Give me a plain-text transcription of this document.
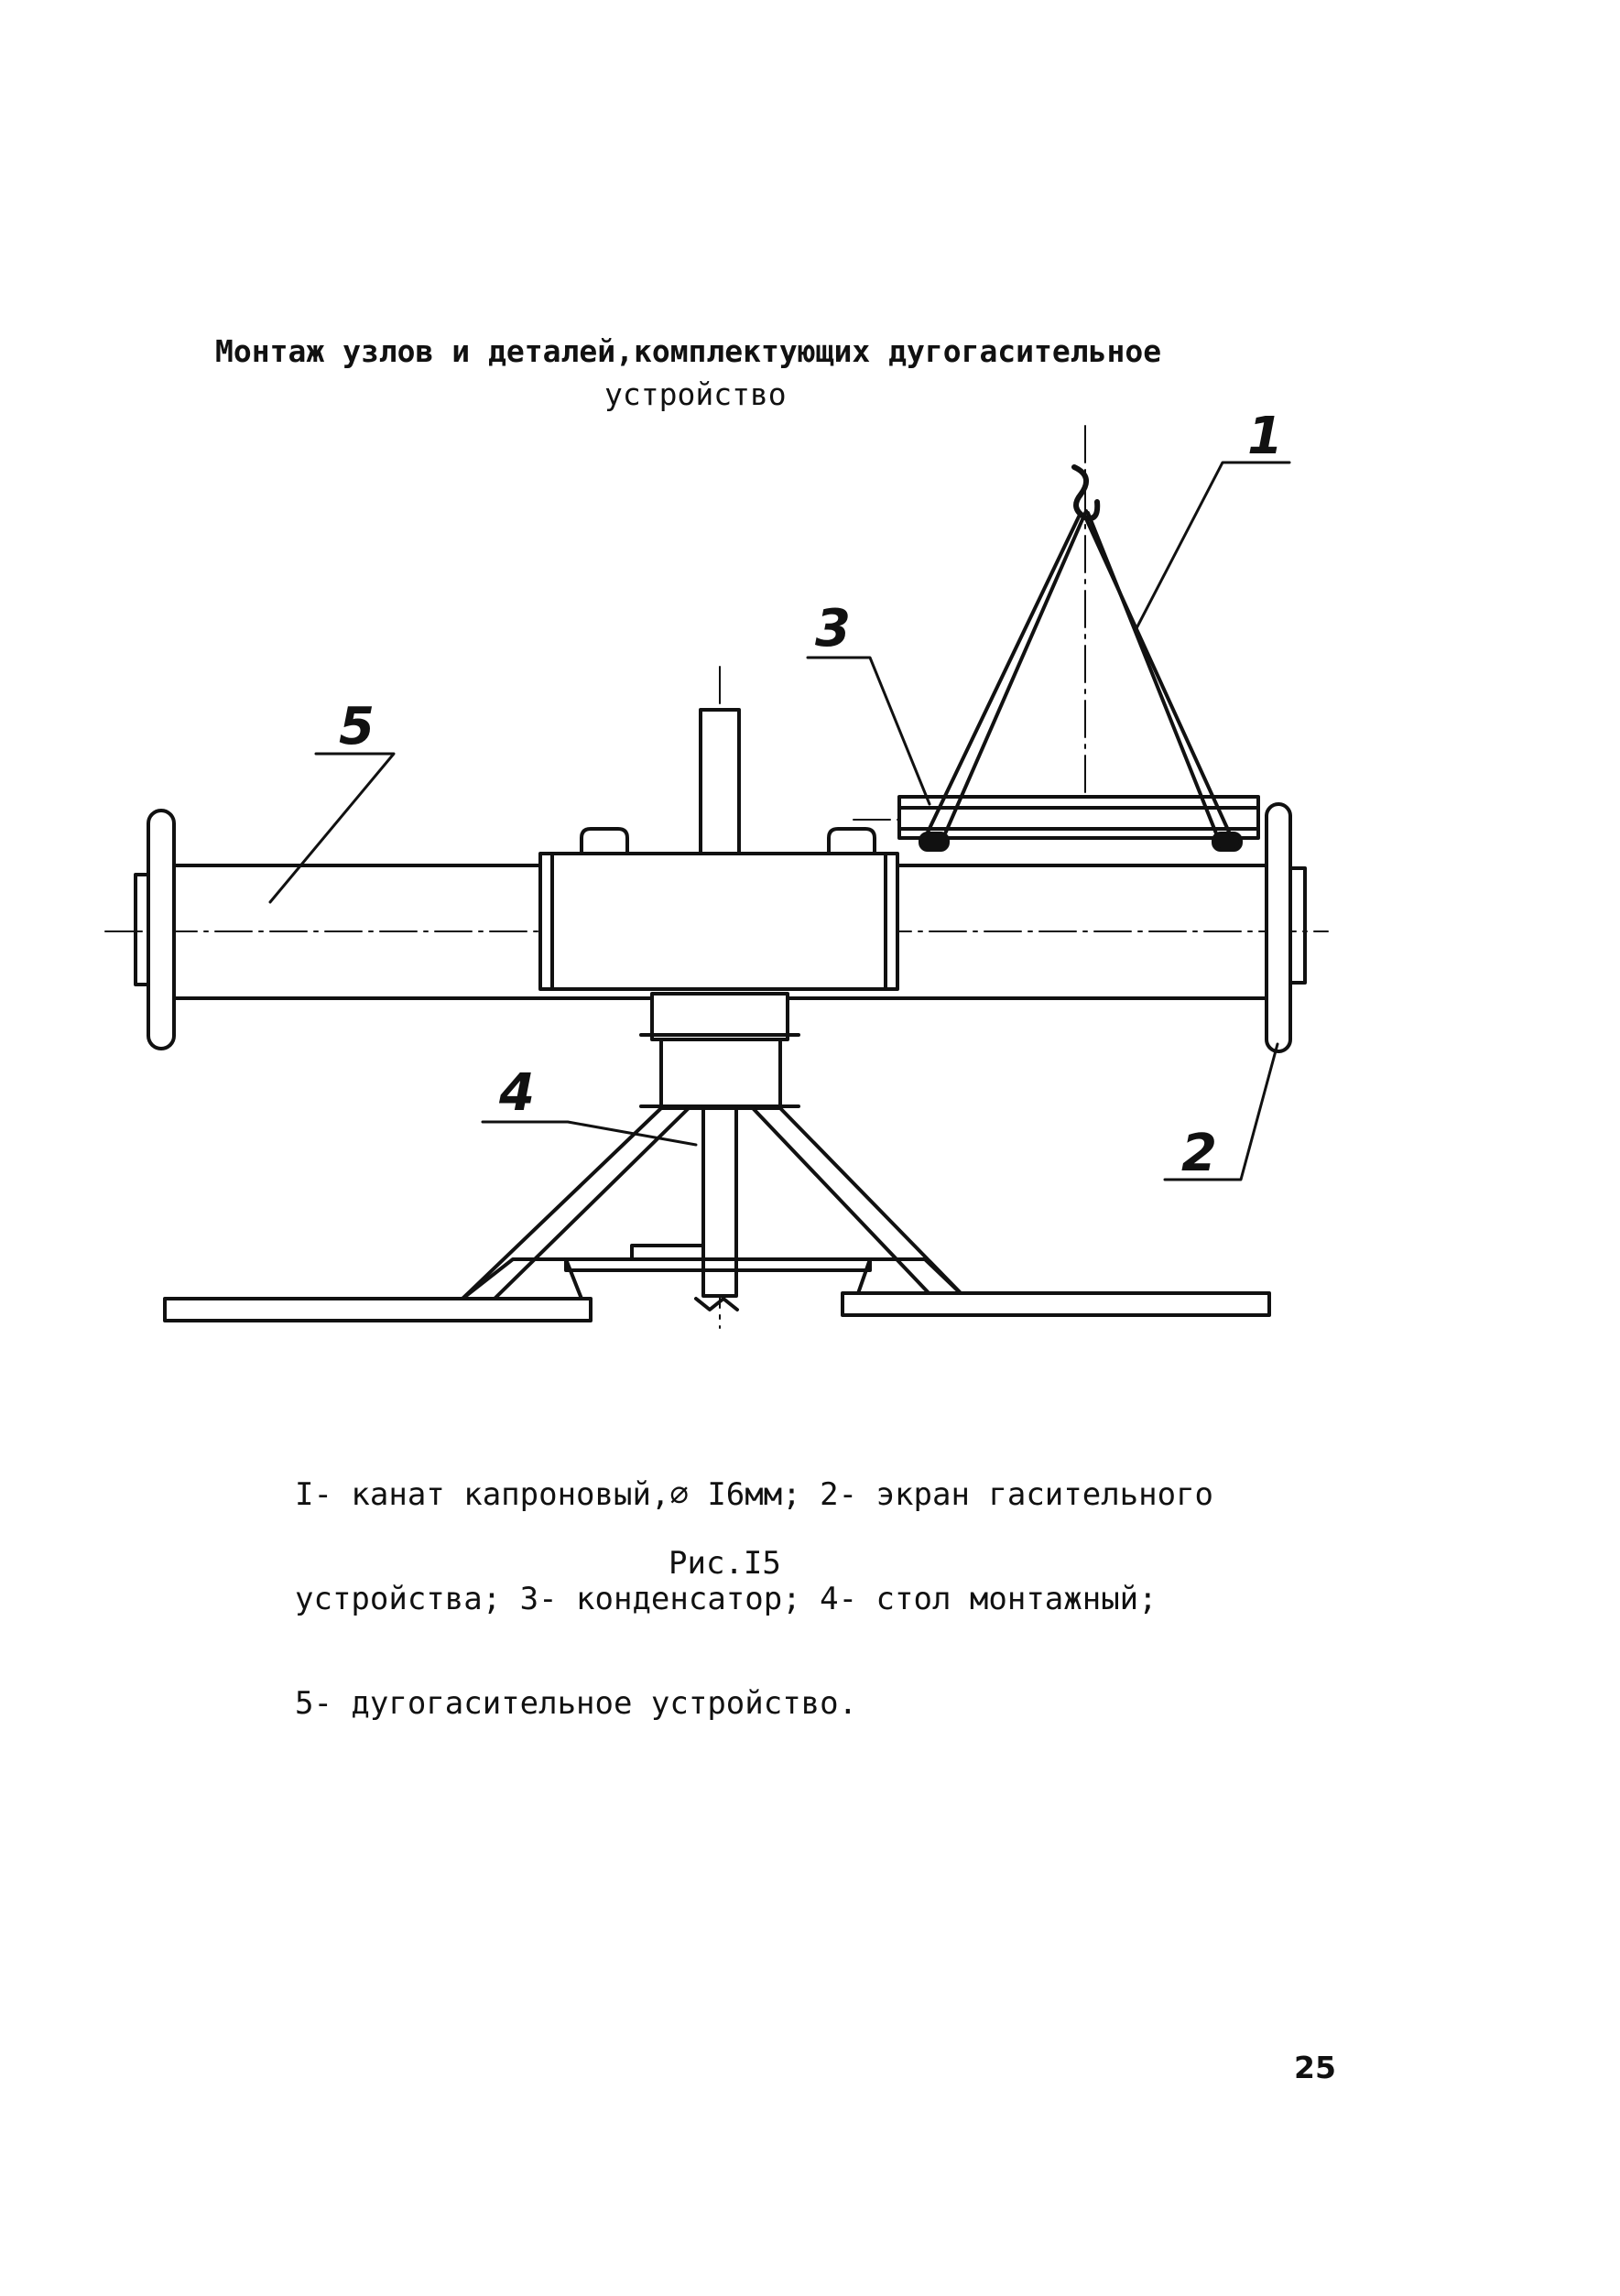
Монтаж узлов и деталей,комплектующих дугогасительное
устройство
1
3
5
4
2

I- канат капроновый,∅ I6мм; 2- экран гасительного

устройства; 3- конденсатор; 4- стол монтажный;

5- дугогасительное устройство.

Рис.I5
25
